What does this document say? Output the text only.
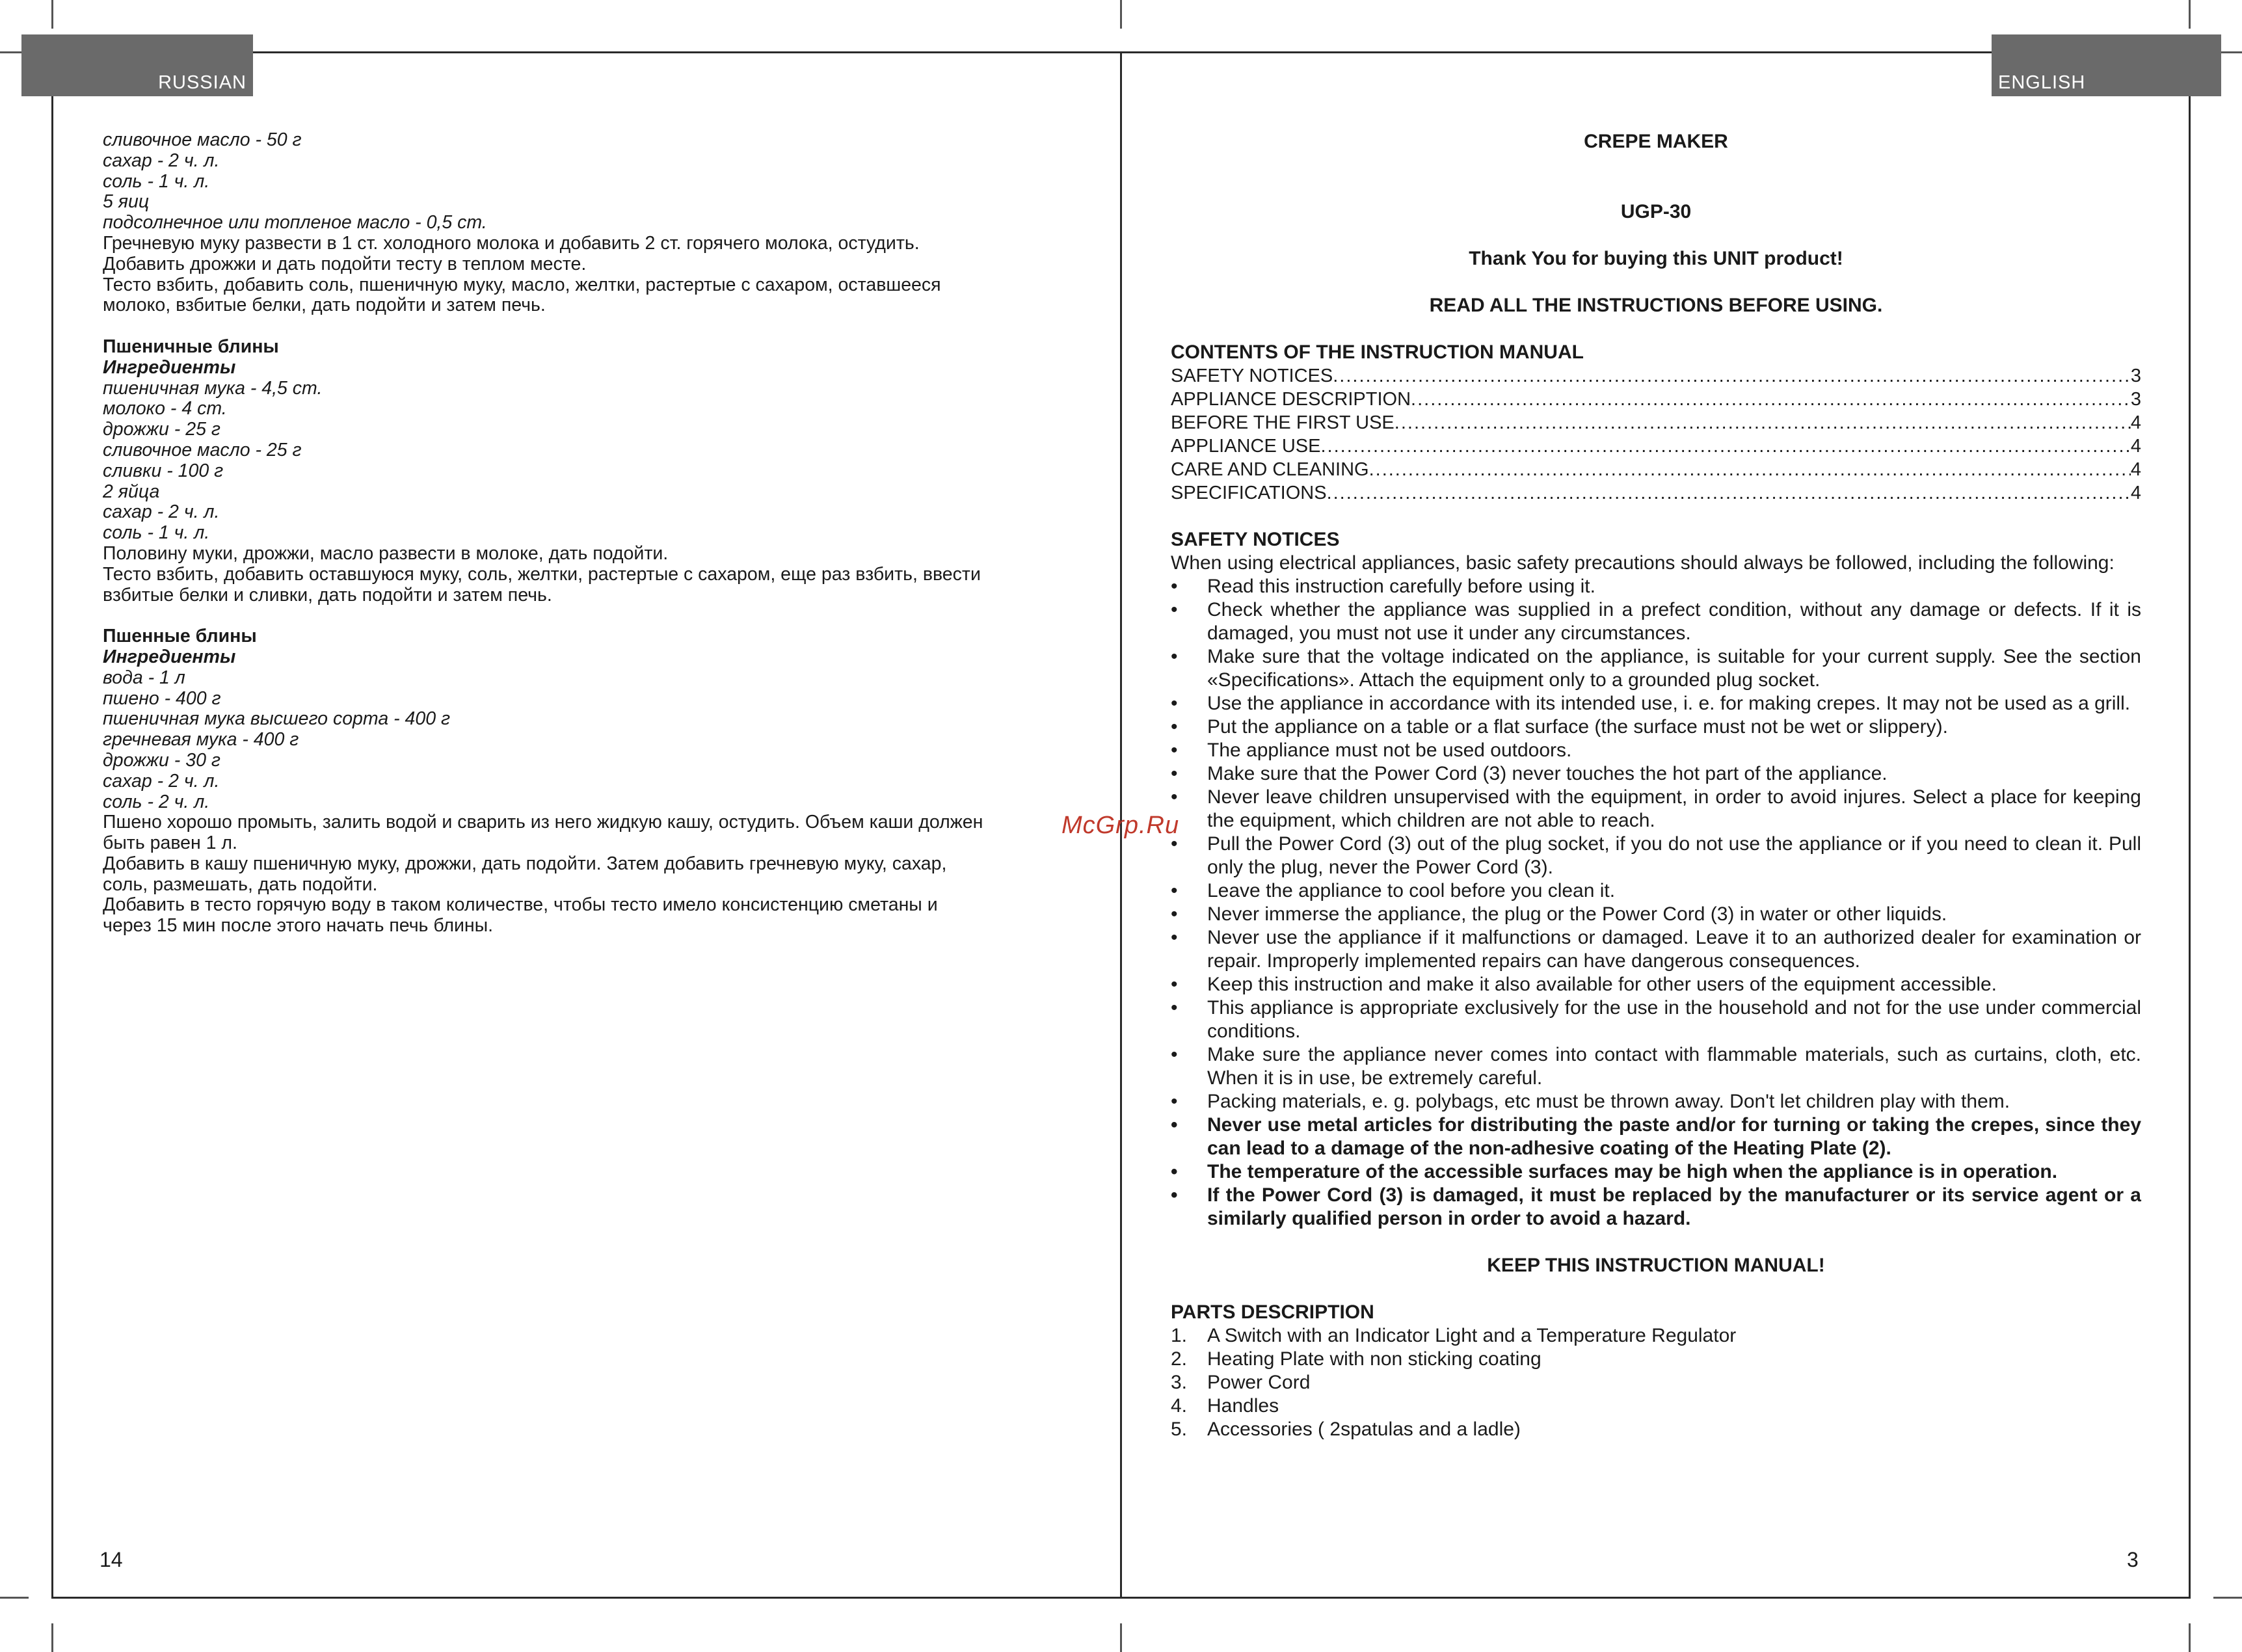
RUSSIAN	ENGLISH
сливочное масло - 50 г
сахар - 2 ч. л.
соль - 1 ч. л.
5 яиц
подсолнечное или топленое масло - 0,5 ст.
Гречневую муку развести в 1 ст. холодного молока и добавить 2 ст. горячего молока, остудить.
Добавить дрожжи и дать подойти тесту в теплом месте.
Тесто взбить, добавить соль, пшеничную муку, масло, желтки, растертые с сахаром, оставшееся
молоко, взбитые белки, дать подойти и затем печь.
Пшеничные блины
Ингредиенты
пшеничная мука - 4,5 ст.
молоко - 4 ст.
дрожжи - 25 г
сливочное масло - 25 г
сливки - 100 г
2 яйца
сахар - 2 ч. л.
соль - 1 ч. л.
Половину муки, дрожжи, масло развести в молоке, дать подойти.
Тесто взбить, добавить оставшуюся муку, соль, желтки, растертые с сахаром, еще раз взбить, ввести
взбитые белки и сливки, дать подойти и затем печь.
Пшенные блины
Ингредиенты
вода - 1 л
пшено - 400 г
пшеничная мука высшего сорта - 400 г
гречневая мука - 400 г
дрожжи - 30 г
сахар - 2 ч. л.
соль - 2 ч. л.
Пшено хорошо промыть, залить водой и сварить из него жидкую кашу, остудить. Объем каши должен
быть равен 1 л.
Добавить в кашу пшеничную муку, дрожжи, дать подойти. Затем добавить гречневую муку, сахар,
соль, размешать, дать подойти.
Добавить в тесто горячую воду в таком количестве, чтобы тесто имело консистенцию сметаны и
через 15 мин после этого начать печь блины.
14
McGrp.Ru
CREPE MAKER
UGP-30
Thank You for buying this UNIT product!
READ ALL THE INSTRUCTIONS BEFORE USING.
CONTENTS OF THE INSTRUCTION MANUAL
SAFETY NOTICES .....	3
APPLIANCE DESCRIPTION .....	3
BEFORE THE FIRST USE .....	4
APPLIANCE USE .....	4
CARE AND CLEANING .....	4
SPECIFICATIONS .....	4
SAFETY NOTICES
When using electrical appliances, basic safety precautions should always be followed, including the following:
•	Read this instruction carefully before using it.
•	Check whether the appliance was supplied in a prefect condition, without any damage or defects. If it is damaged, you must not use it under any circumstances.
•	Make sure that the voltage indicated on the appliance, is suitable for your current supply. See the section «Specifications». Attach the equipment only to a grounded plug socket.
•	Use the appliance in accordance with its intended use, i. e. for making crepes. It may not be used as a grill.
•	Put the appliance on a table or a flat surface (the surface must not be wet or slippery).
•	The appliance must not be used outdoors.
•	Make sure that the Power Cord (3) never touches the hot part of the appliance.
•	Never leave children unsupervised with the equipment, in order to avoid injures. Select a place for keeping the equipment, which children are not able to reach.
•	Pull the Power Cord (3) out of the plug socket, if you do not use the appliance or if you need to clean it. Pull only the plug, never the Power Cord (3).
•	Leave the appliance to cool before you clean it.
•	Never immerse the appliance, the plug or the Power Cord (3) in water or other liquids.
•	Never use the appliance if it malfunctions or damaged. Leave it to an authorized dealer for examination or repair. Improperly implemented repairs can have dangerous consequences.
•	Keep this instruction and make it also available for other users of the equipment accessible.
•	This appliance is appropriate exclusively for the use in the household and not for the use under commercial conditions.
•	Make sure the appliance never comes into contact with flammable materials, such as curtains, cloth, etc. When it is in use, be extremely careful.
•	Packing materials, e. g. polybags, etc must be thrown away. Don't let children play with them.
•	Never use metal articles for distributing the paste and/or for turning or taking the crepes, since they can lead to a damage of the non-adhesive coating of the Heating Plate (2).
•	The temperature of the accessible surfaces may be high when the appliance is in operation.
•	If the Power Cord (3) is damaged, it must be replaced by the manufacturer or its service agent or a similarly qualified person in order to avoid a hazard.
KEEP THIS INSTRUCTION MANUAL!
PARTS DESCRIPTION
1.	A Switch with an Indicator Light and a Temperature Regulator
2.	Heating Plate with non sticking coating
3.	Power Cord
4.	Handles
5.	Accessories ( 2spatulas and a ladle)
3
